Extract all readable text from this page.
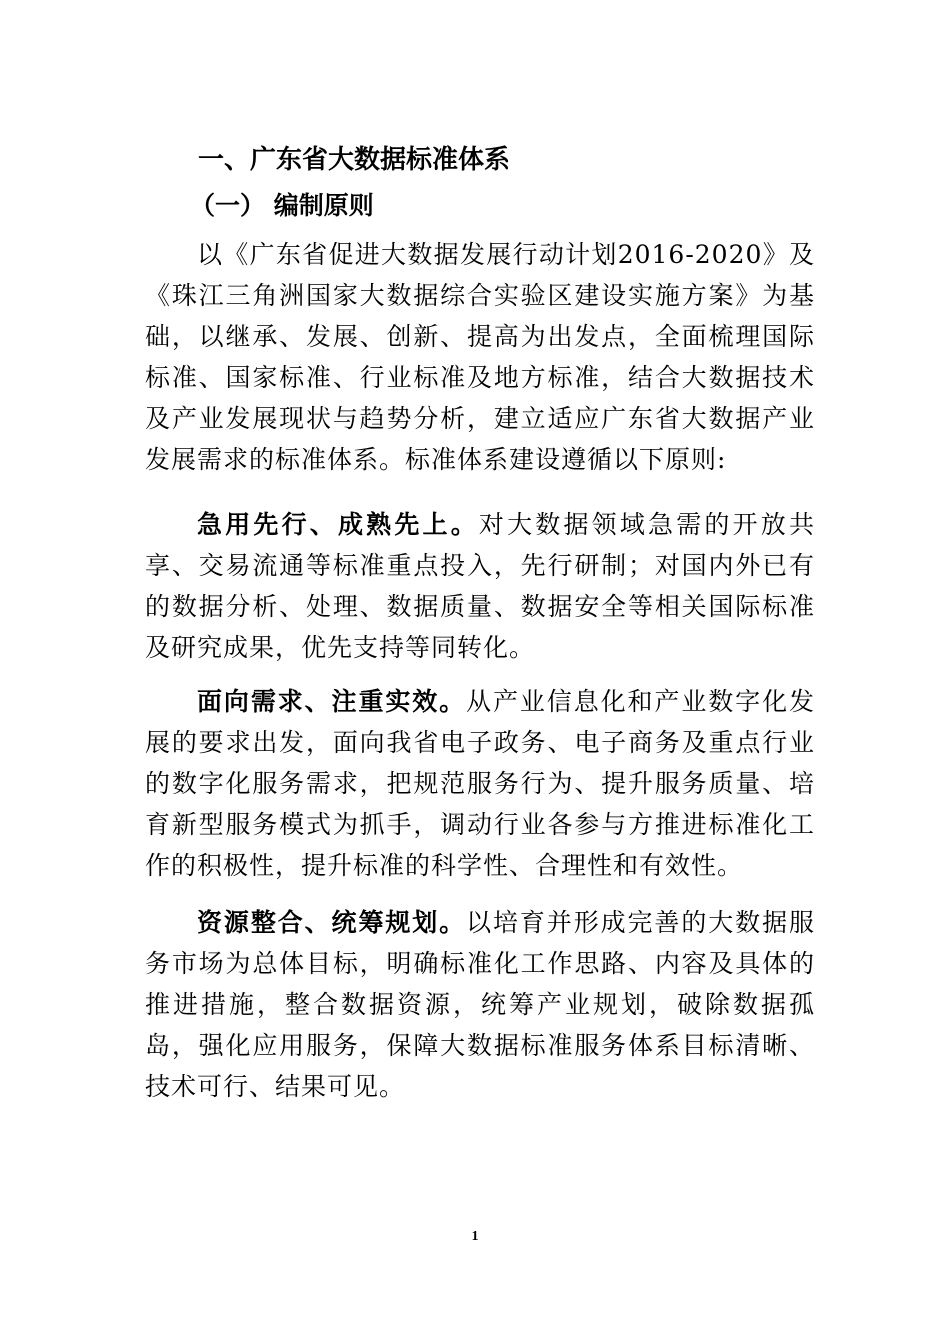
一、广东省大数据标准体系
（一） 编制原则

以《广东省促进大数据发展行动计划2016-2020》及《珠江三角洲国家大数据综合实验区建设实施方案》为基础，以继承、发展、创新、提高为出发点，全面梳理国际标准、国家标准、行业标准及地方标准，结合大数据技术及产业发展现状与趋势分析，建立适应广东省大数据产业发展需求的标准体系。标准体系建设遵循以下原则:

急用先行、成熟先上。对大数据领域急需的开放共享、交易流通等标准重点投入，先行研制；对国内外已有的数据分析、处理、数据质量、数据安全等相关国际标准及研究成果，优先支持等同转化。

面向需求、注重实效。从产业信息化和产业数字化发展的要求出发，面向我省电子政务、电子商务及重点行业的数字化服务需求，把规范服务行为、提升服务质量、培育新型服务模式为抓手，调动行业各参与方推进标准化工作的积极性，提升标准的科学性、合理性和有效性。

资源整合、统筹规划。以培育并形成完善的大数据服务市场为总体目标，明确标准化工作思路、内容及具体的推进措施，整合数据资源，统筹产业规划，破除数据孤岛，强化应用服务，保障大数据标准服务体系目标清晰、技术可行、结果可见。

1
